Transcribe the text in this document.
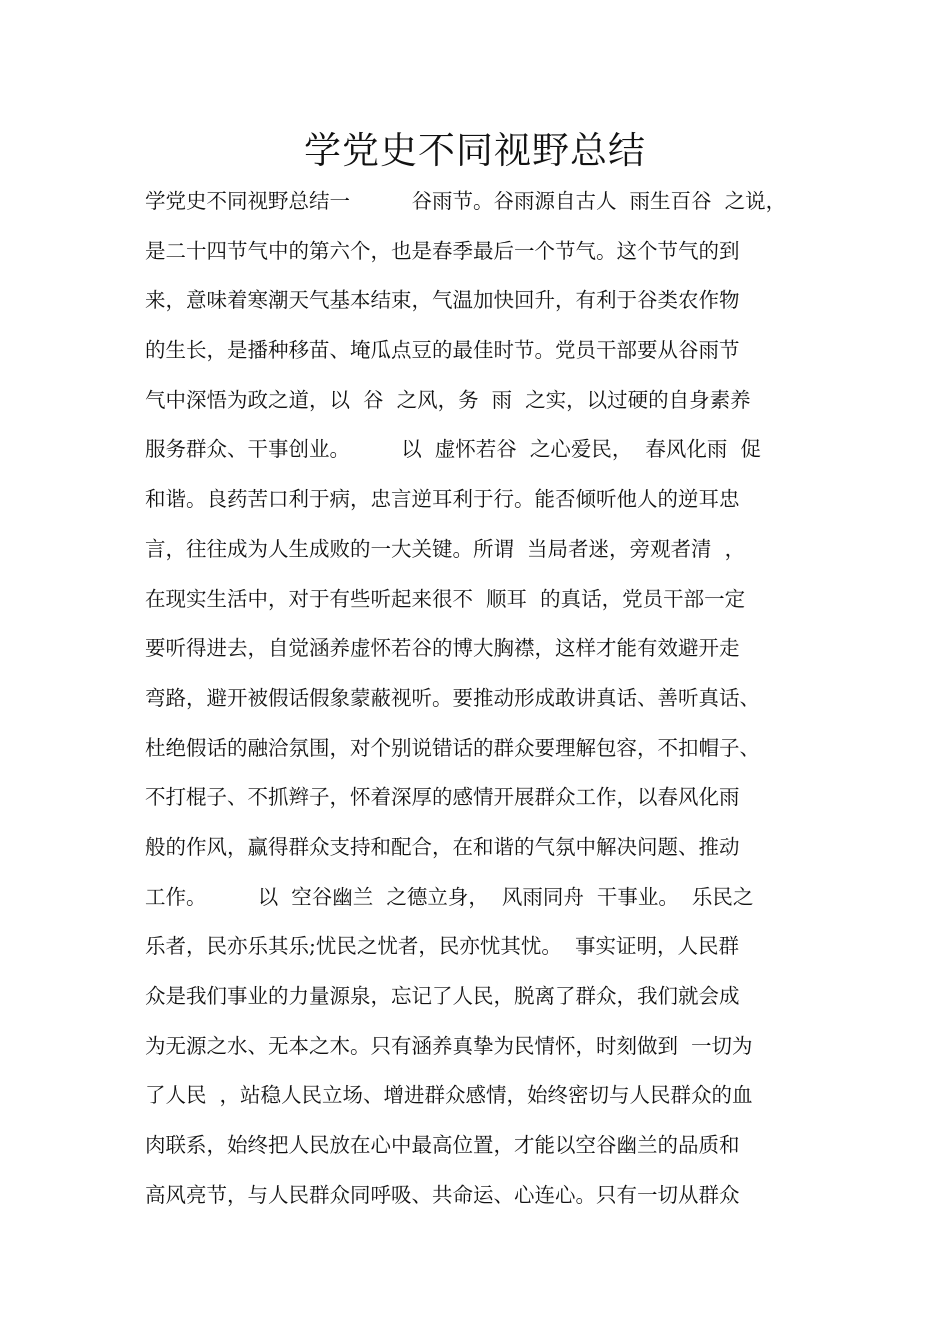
学党史不同视野总结
学党史不同视野总结一　　　谷雨节。谷雨源自古人  雨生百谷  之说，
是二十四节气中的第六个，也是春季最后一个节气。这个节气的到
来，意味着寒潮天气基本结束，气温加快回升，有利于谷类农作物
的生长，是播种移苗、埯瓜点豆的最佳时节。党员干部要从谷雨节
气中深悟为政之道，以  谷  之风，务  雨  之实，以过硬的自身素养
服务群众、干事创业。　　　以  虚怀若谷  之心爱民，  春风化雨  促
和谐。良药苦口利于病，忠言逆耳利于行。能否倾听他人的逆耳忠
言，往往成为人生成败的一大关键。所谓  当局者迷，旁观者清  ，
在现实生活中，对于有些听起来很不  顺耳  的真话，党员干部一定
要听得进去，自觉涵养虚怀若谷的博大胸襟，这样才能有效避开走
弯路，避开被假话假象蒙蔽视听。要推动形成敢讲真话、善听真话、
杜绝假话的融洽氛围，对个别说错话的群众要理解包容，不扣帽子、
不打棍子、不抓辫子，怀着深厚的感情开展群众工作，以春风化雨
般的作风，赢得群众支持和配合，在和谐的气氛中解决问题、推动
工作。　　　以  空谷幽兰  之德立身，  风雨同舟  干事业。  乐民之
乐者，民亦乐其乐;忧民之忧者，民亦忧其忧。  事实证明，人民群
众是我们事业的力量源泉，忘记了人民，脱离了群众，我们就会成
为无源之水、无本之木。只有涵养真挚为民情怀，时刻做到  一切为
了人民  ，站稳人民立场、增进群众感情，始终密切与人民群众的血
肉联系，始终把人民放在心中最高位置，才能以空谷幽兰的品质和
高风亮节，与人民群众同呼吸、共命运、心连心。只有一切从群众
